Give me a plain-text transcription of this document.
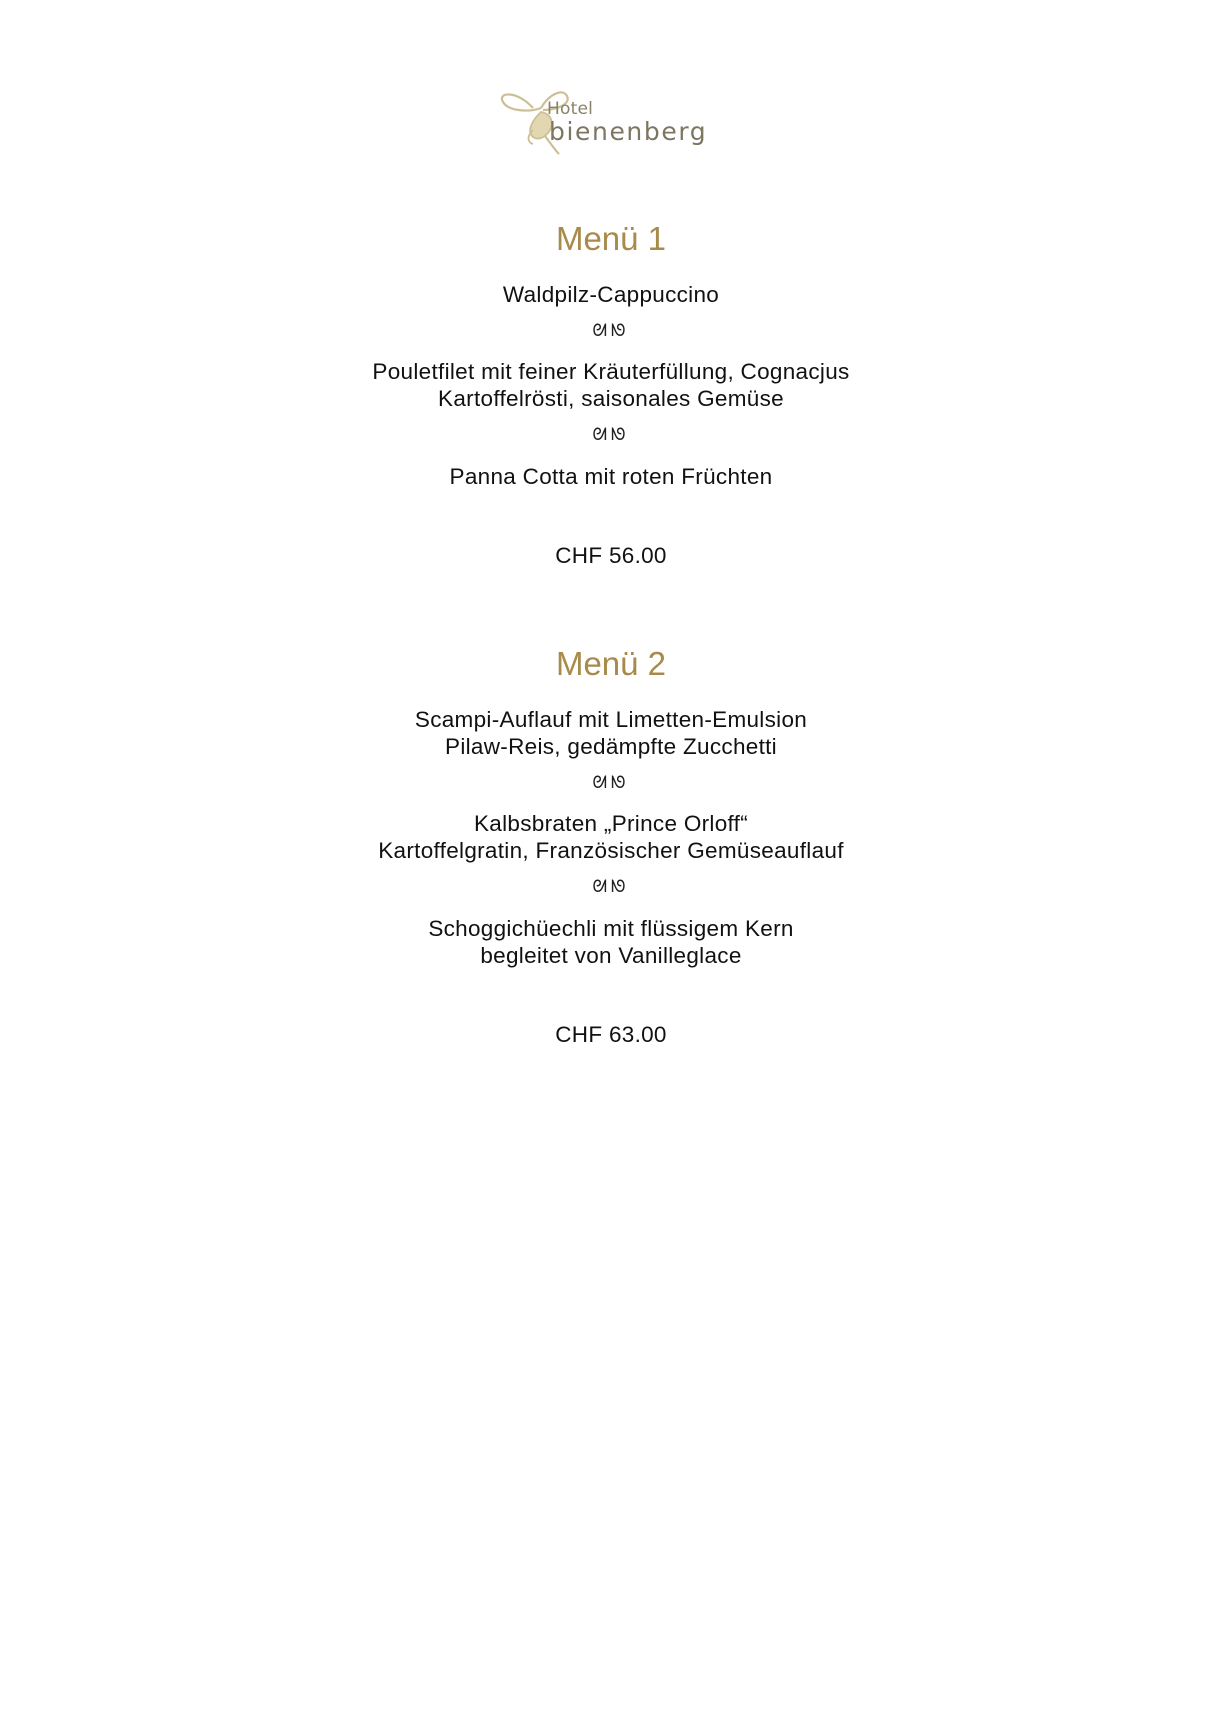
Hotel
bienenberg
Menü 1
Waldpilz-Cappuccino
ᘛᘚ
Pouletfilet mit feiner Kräuterfüllung, Cognacjus
Kartoffelrösti, saisonales Gemüse
ᘛᘚ
Panna Cotta mit roten Früchten
CHF 56.00
Menü 2
Scampi-Auflauf mit Limetten-Emulsion
Pilaw-Reis, gedämpfte Zucchetti
ᘛᘚ
Kalbsbraten „Prince Orloff“
Kartoffelgratin, Französischer Gemüseauflauf
ᘛᘚ
Schoggichüechli mit flüssigem Kern
begleitet von Vanilleglace
CHF 63.00
